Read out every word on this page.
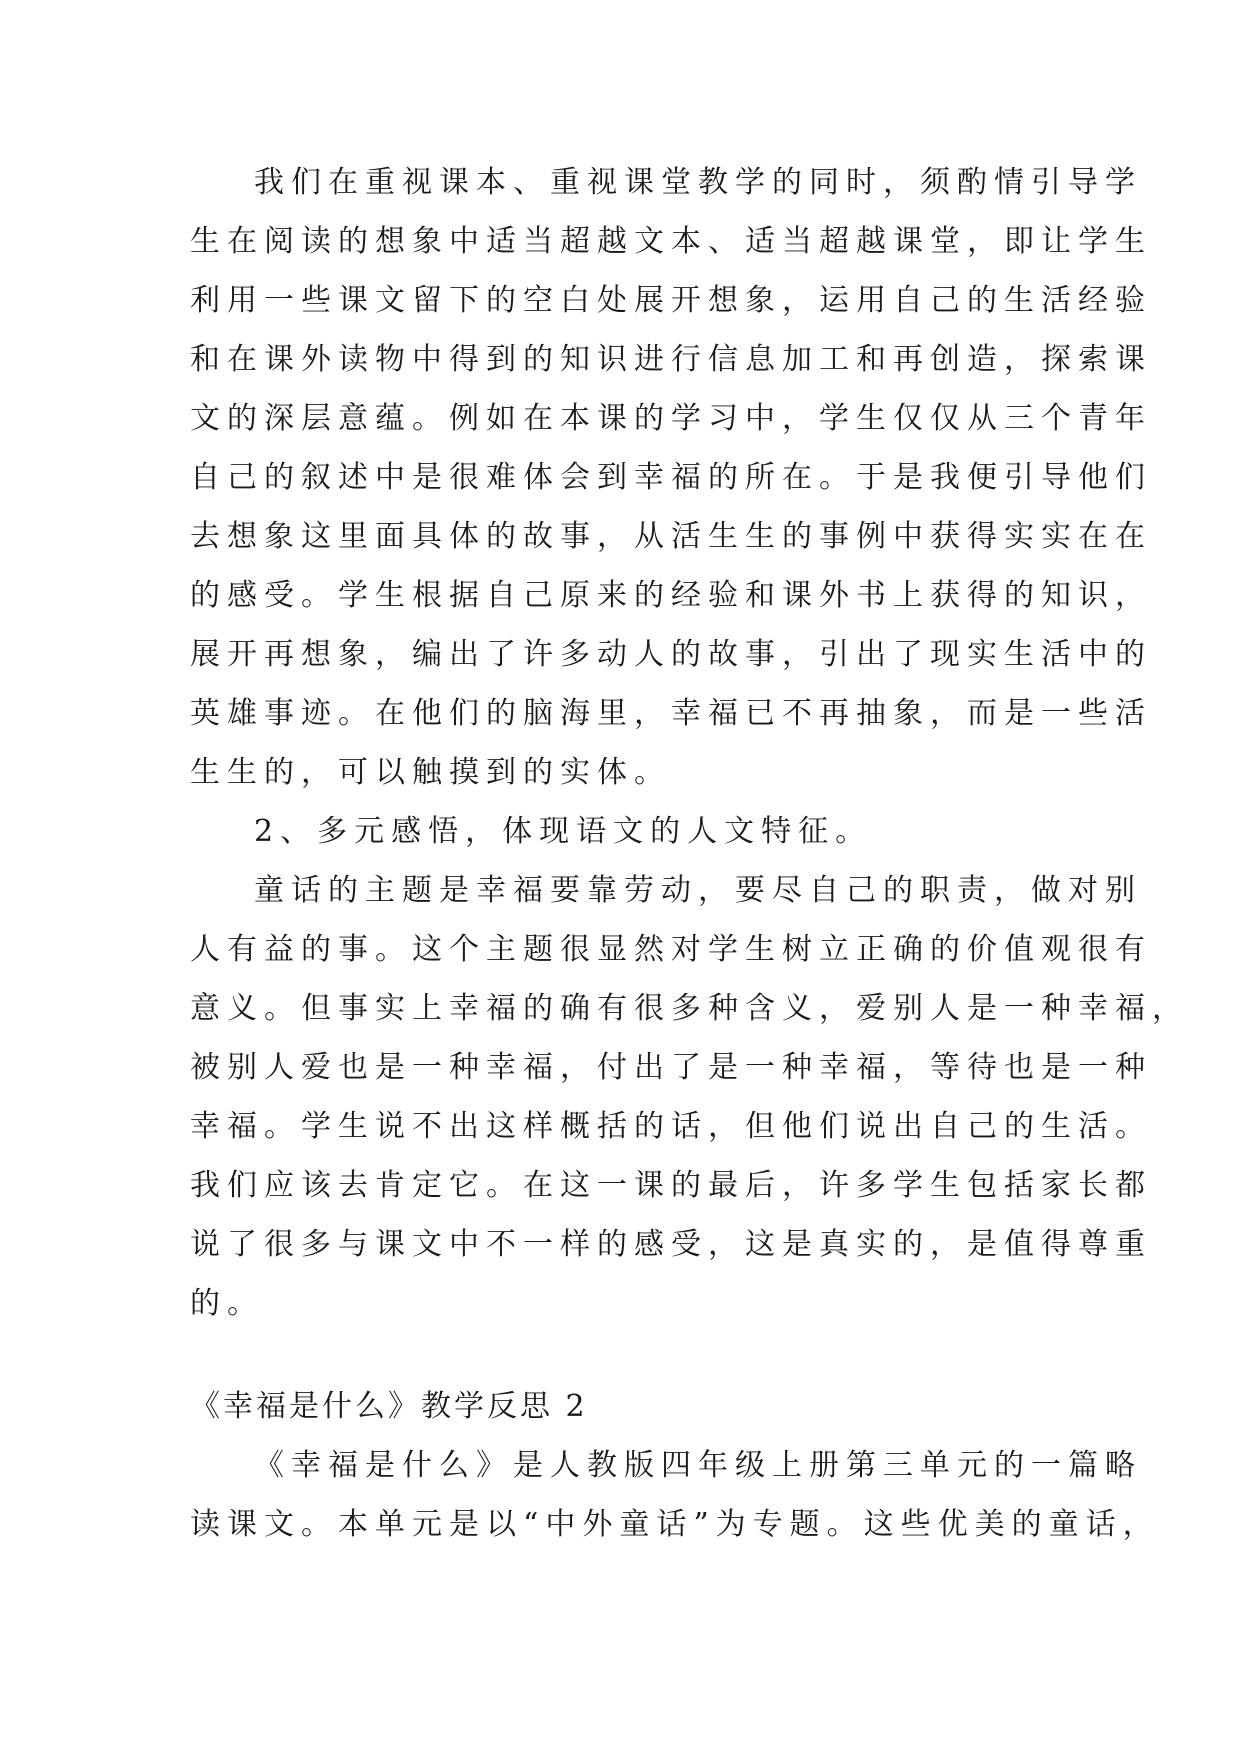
我们在重视课本、重视课堂教学的同时，须酌情引导学
生在阅读的想象中适当超越文本、适当超越课堂，即让学生
利用一些课文留下的空白处展开想象，运用自己的生活经验
和在课外读物中得到的知识进行信息加工和再创造，探索课
文的深层意蕴。例如在本课的学习中，学生仅仅从三个青年
自己的叙述中是很难体会到幸福的所在。于是我便引导他们
去想象这里面具体的故事，从活生生的事例中获得实实在在
的感受。学生根据自己原来的经验和课外书上获得的知识，
展开再想象，编出了许多动人的故事，引出了现实生活中的
英雄事迹。在他们的脑海里，幸福已不再抽象，而是一些活
生生的，可以触摸到的实体。
2、多元感悟，体现语文的人文特征。
童话的主题是幸福要靠劳动，要尽自己的职责，做对别
人有益的事。这个主题很显然对学生树立正确的价值观很有
意义。但事实上幸福的确有很多种含义，爱别人是一种幸福，
被别人爱也是一种幸福，付出了是一种幸福，等待也是一种
幸福。学生说不出这样概括的话，但他们说出自己的生活。
我们应该去肯定它。在这一课的最后，许多学生包括家长都
说了很多与课文中不一样的感受，这是真实的，是值得尊重
的。
《幸福是什么》教学反思 2
《幸福是什么》是人教版四年级上册第三单元的一篇略
读课文。本单元是以“中外童话”为专题。这些优美的童话，
